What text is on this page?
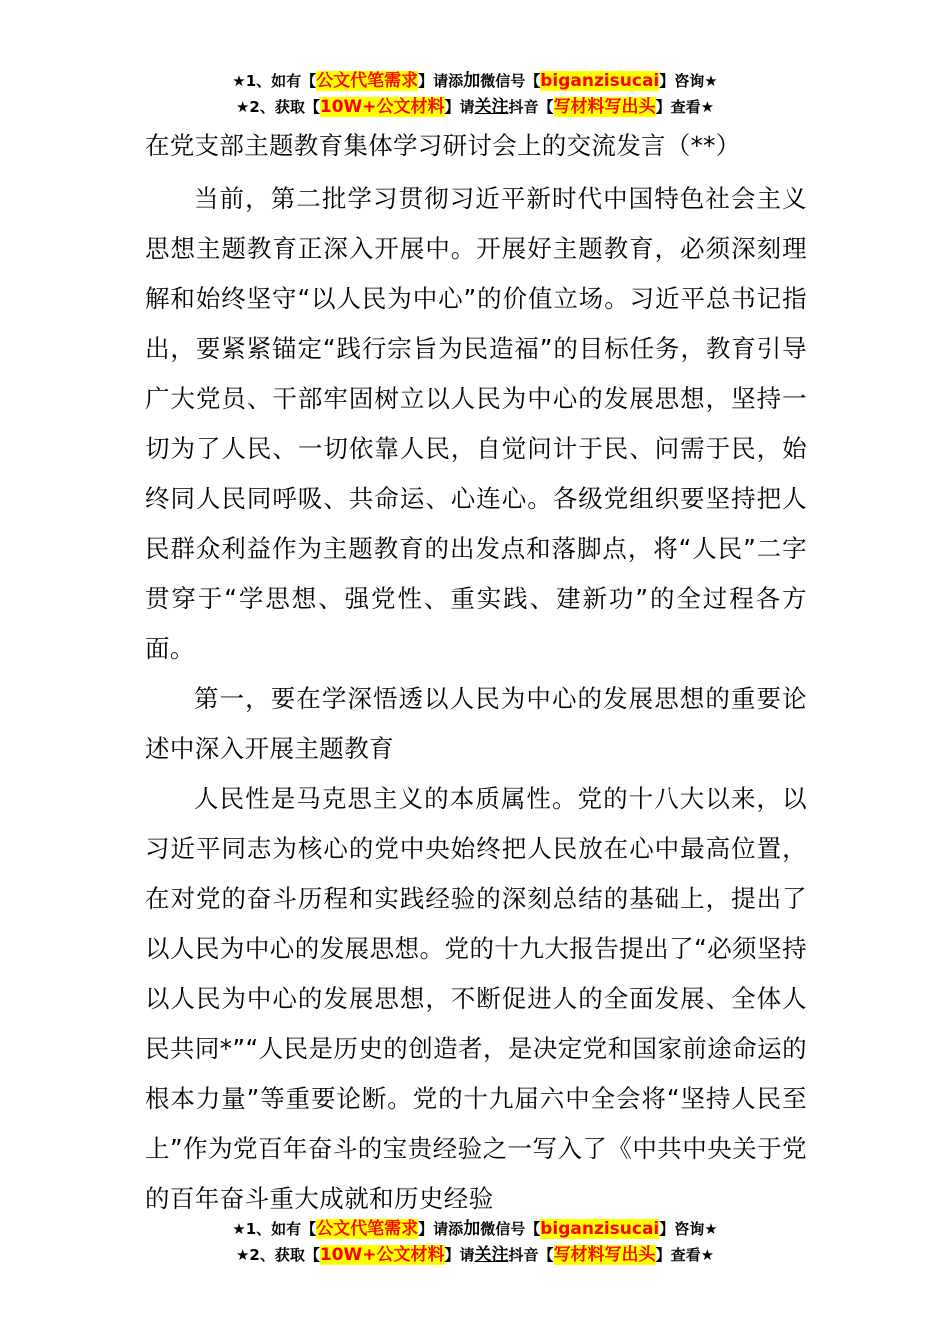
★1、如有【公文代笔需求】请添加微信号【biganzisucai】咨询★
★2、获取【10W+公文材料】请关注抖音【写材料写出头】查看★
在党支部主题教育集体学习研讨会上的交流发言（**）

当前，第二批学习贯彻习近平新时代中国特色社会主义思想主题教育正深入开展中。开展好主题教育，必须深刻理解和始终坚守“以人民为中心”的价值立场。习近平总书记指出，要紧紧锚定“践行宗旨为民造福”的目标任务，教育引导广大党员、干部牢固树立以人民为中心的发展思想，坚持一切为了人民、一切依靠人民，自觉问计于民、问需于民，始终同人民同呼吸、共命运、心连心。各级党组织要坚持把人民群众利益作为主题教育的出发点和落脚点，将“人民”二字贯穿于“学思想、强党性、重实践、建新功”的全过程各方面。

第一，要在学深悟透以人民为中心的发展思想的重要论述中深入开展主题教育

人民性是马克思主义的本质属性。党的十八大以来，以习近平同志为核心的党中央始终把人民放在心中最高位置，在对党的奋斗历程和实践经验的深刻总结的基础上，提出了以人民为中心的发展思想。党的十九大报告提出了“必须坚持以人民为中心的发展思想，不断促进人的全面发展、全体人民共同*”“人民是历史的创造者，是决定党和国家前途命运的根本力量”等重要论断。党的十九届六中全会将“坚持人民至上”作为党百年奋斗的宝贵经验之一写入了《中共中央关于党的百年奋斗重大成就和历史经验

★1、如有【公文代笔需求】请添加微信号【biganzisucai】咨询★
★2、获取【10W+公文材料】请关注抖音【写材料写出头】查看★
